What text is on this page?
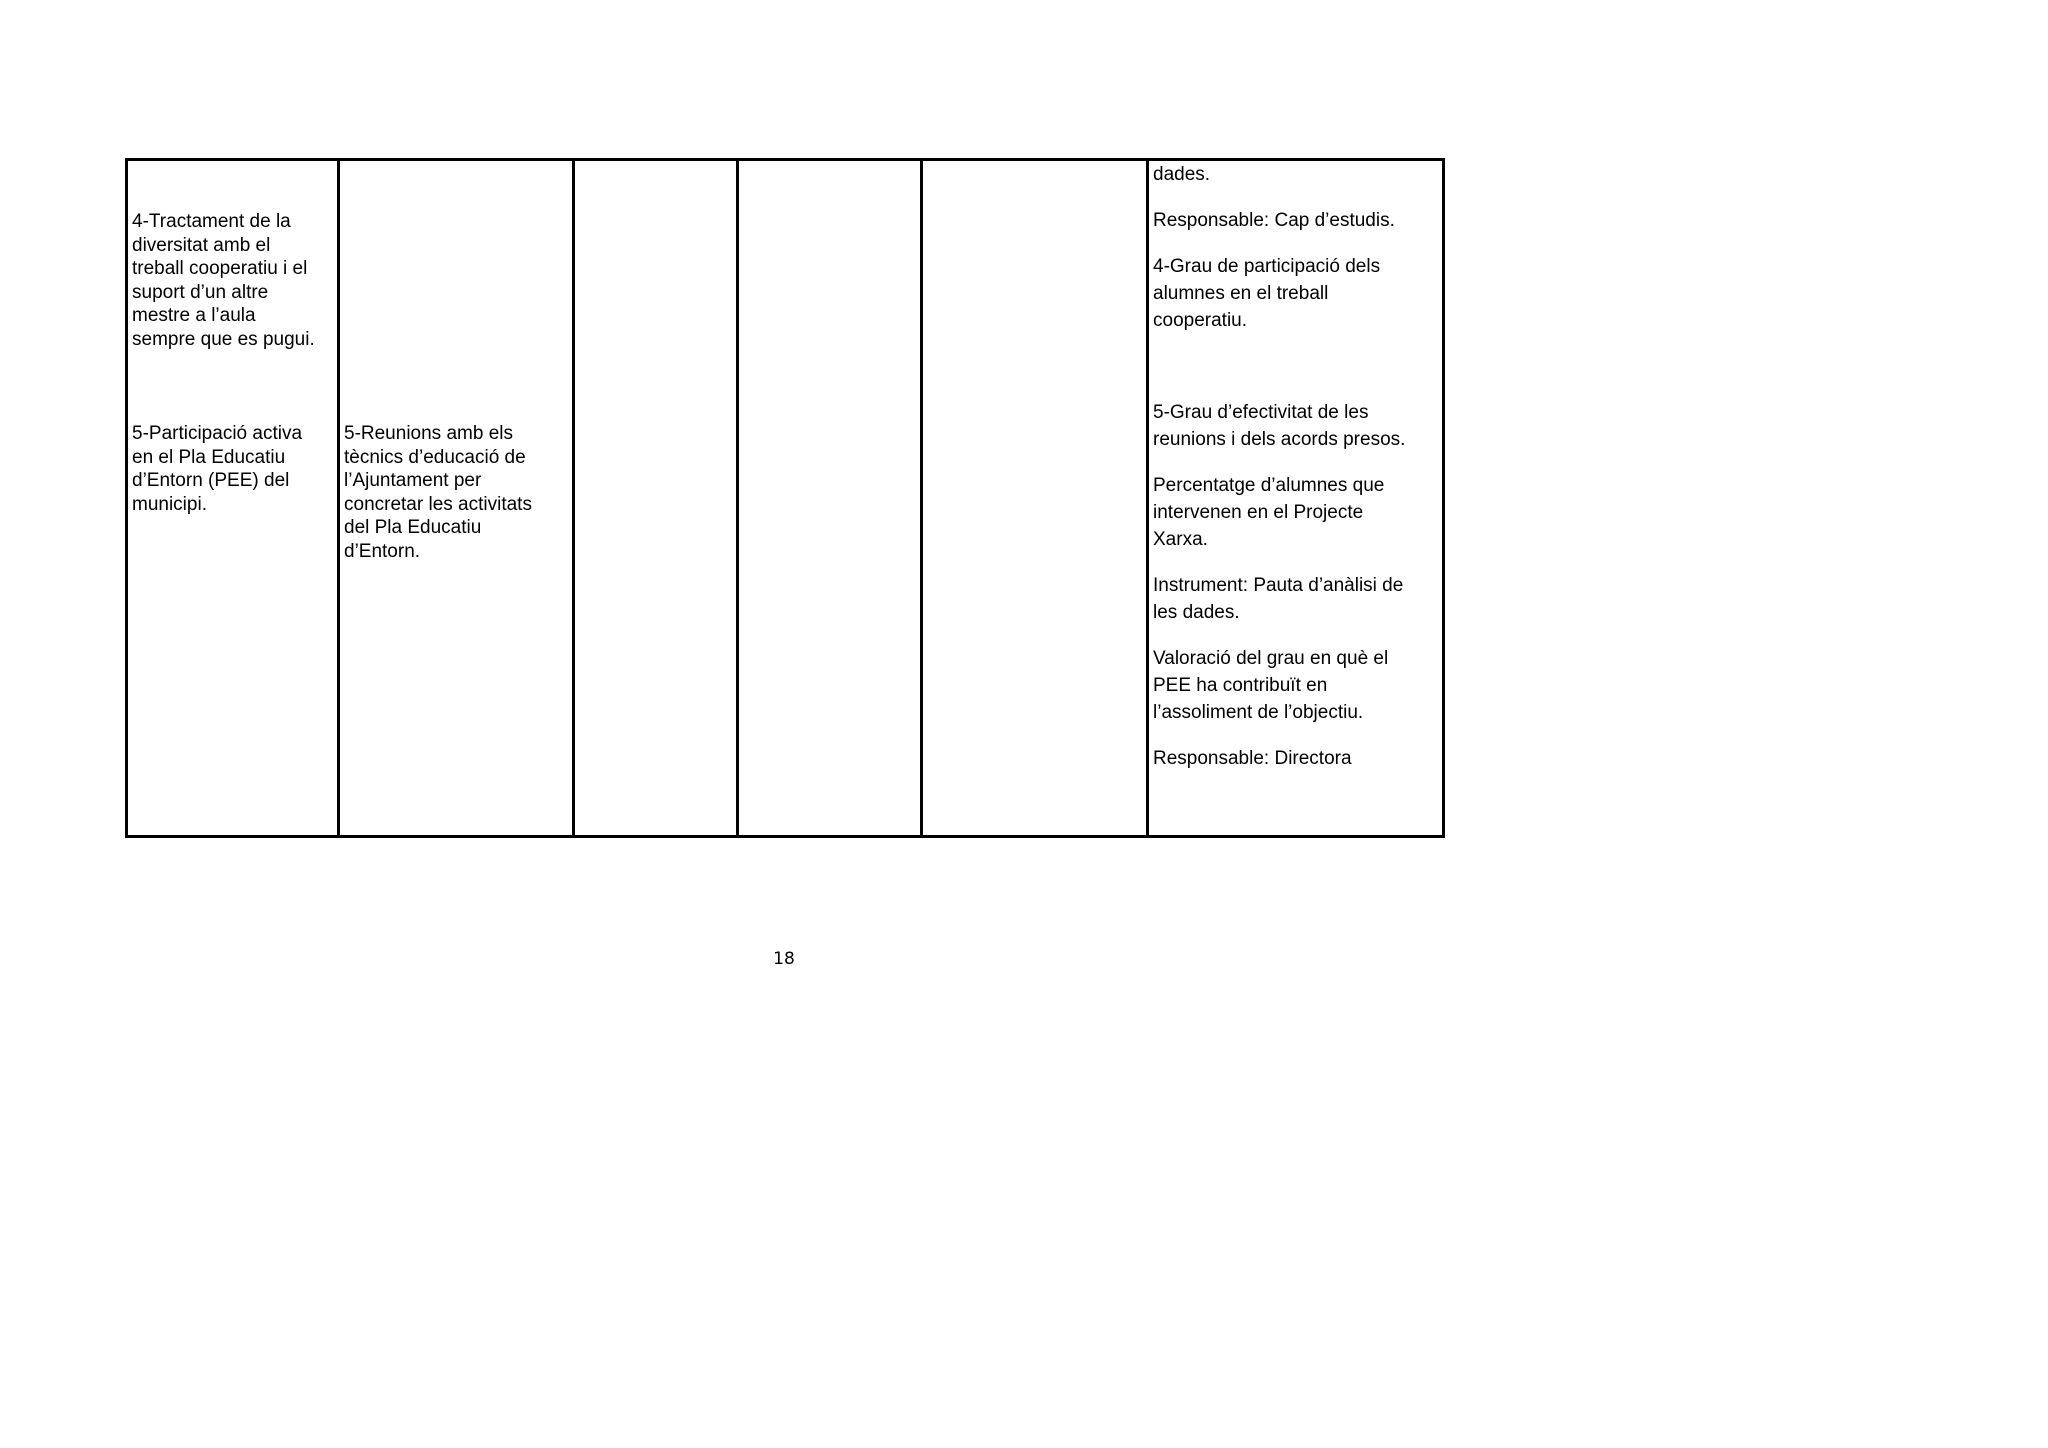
4-Tractament de la
diversitat amb el
treball cooperatiu i el
suport d’un altre
mestre a l’aula
sempre que es pugui.
5-Participació activa
en el Pla Educatiu
d’Entorn (PEE) del
municipi.
5-Reunions amb els
tècnics d’educació de
l’Ajuntament per
concretar les activitats
del Pla Educatiu
d’Entorn.
dades.
Responsable: Cap d’estudis.
4-Grau de participació dels
alumnes en el treball
cooperatiu.
5-Grau d’efectivitat de les
reunions i dels acords presos.
Percentatge d’alumnes que
intervenen en el Projecte
Xarxa.
Instrument: Pauta d’anàlisi de
les dades.
Valoració del grau en què el
PEE ha contribuït en
l’assoliment de l’objectiu.
Responsable: Directora
18
